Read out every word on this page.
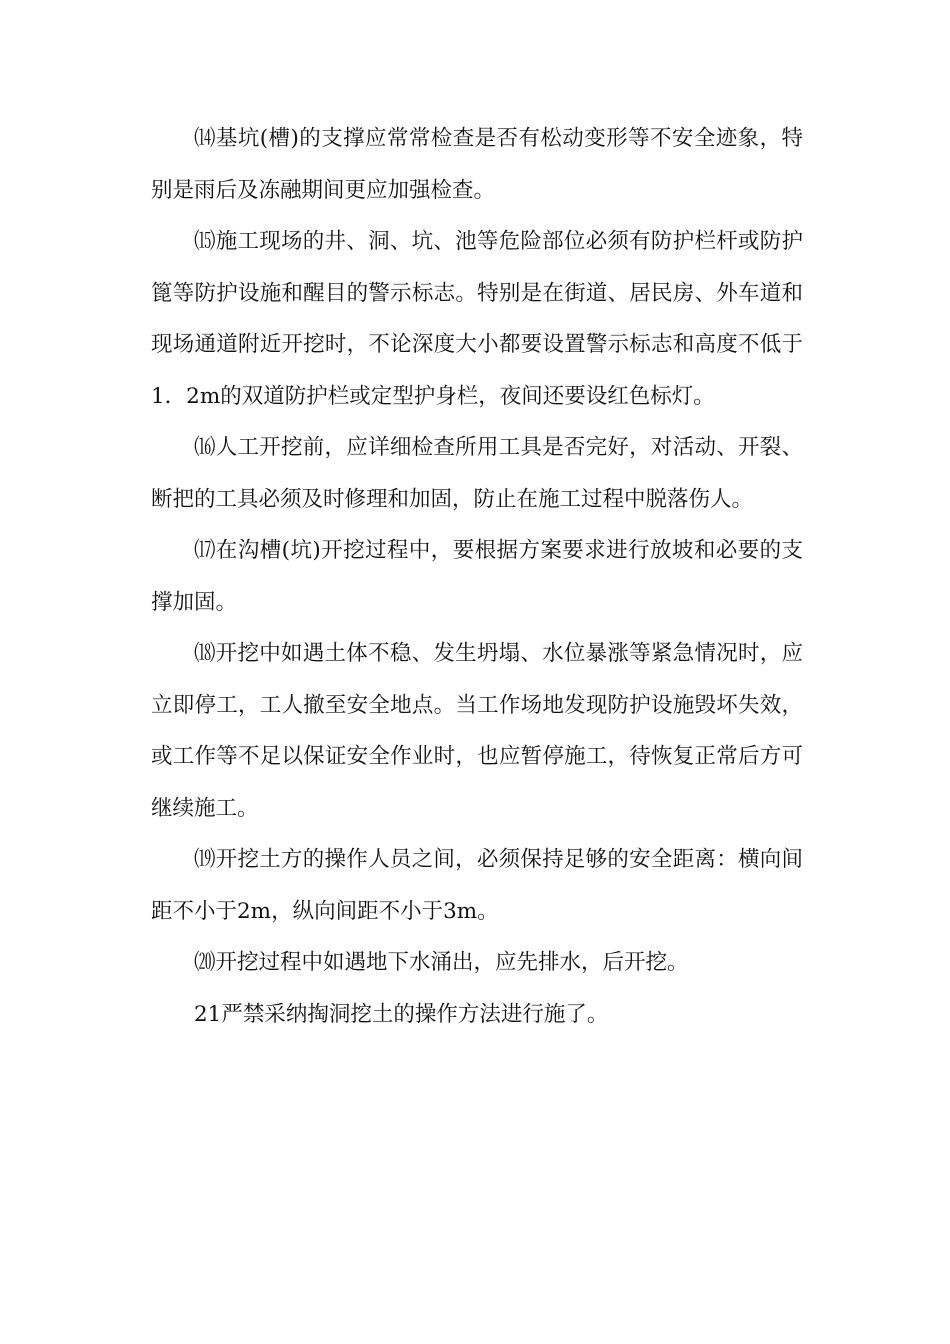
⒁基坑(槽)的支撑应常常检查是否有松动变形等不安全迹象，特别是雨后及冻融期间更应加强检查。

⒂施工现场的井、洞、坑、池等危险部位必须有防护栏杆或防护篦等防护设施和醒目的警示标志。特别是在街道、居民房、外车道和现场通道附近开挖时，不论深度大小都要设置警示标志和高度不低于1．2m的双道防护栏或定型护身栏，夜间还要设红色标灯。

⒃人工开挖前，应详细检查所用工具是否完好，对活动、开裂、断把的工具必须及时修理和加固，防止在施工过程中脱落伤人。

⒄在沟槽(坑)开挖过程中，要根据方案要求进行放坡和必要的支撑加固。

⒅开挖中如遇土体不稳、发生坍塌、水位暴涨等紧急情况时，应立即停工，工人撤至安全地点。当工作场地发现防护设施毁坏失效，或工作等不足以保证安全作业时，也应暂停施工，待恢复正常后方可继续施工。

⒆开挖土方的操作人员之间，必须保持足够的安全距离：横向间距不小于2m，纵向间距不小于3m。

⒇开挖过程中如遇地下水涌出，应先排水，后开挖。

21严禁采纳掏洞挖土的操作方法进行施了。
